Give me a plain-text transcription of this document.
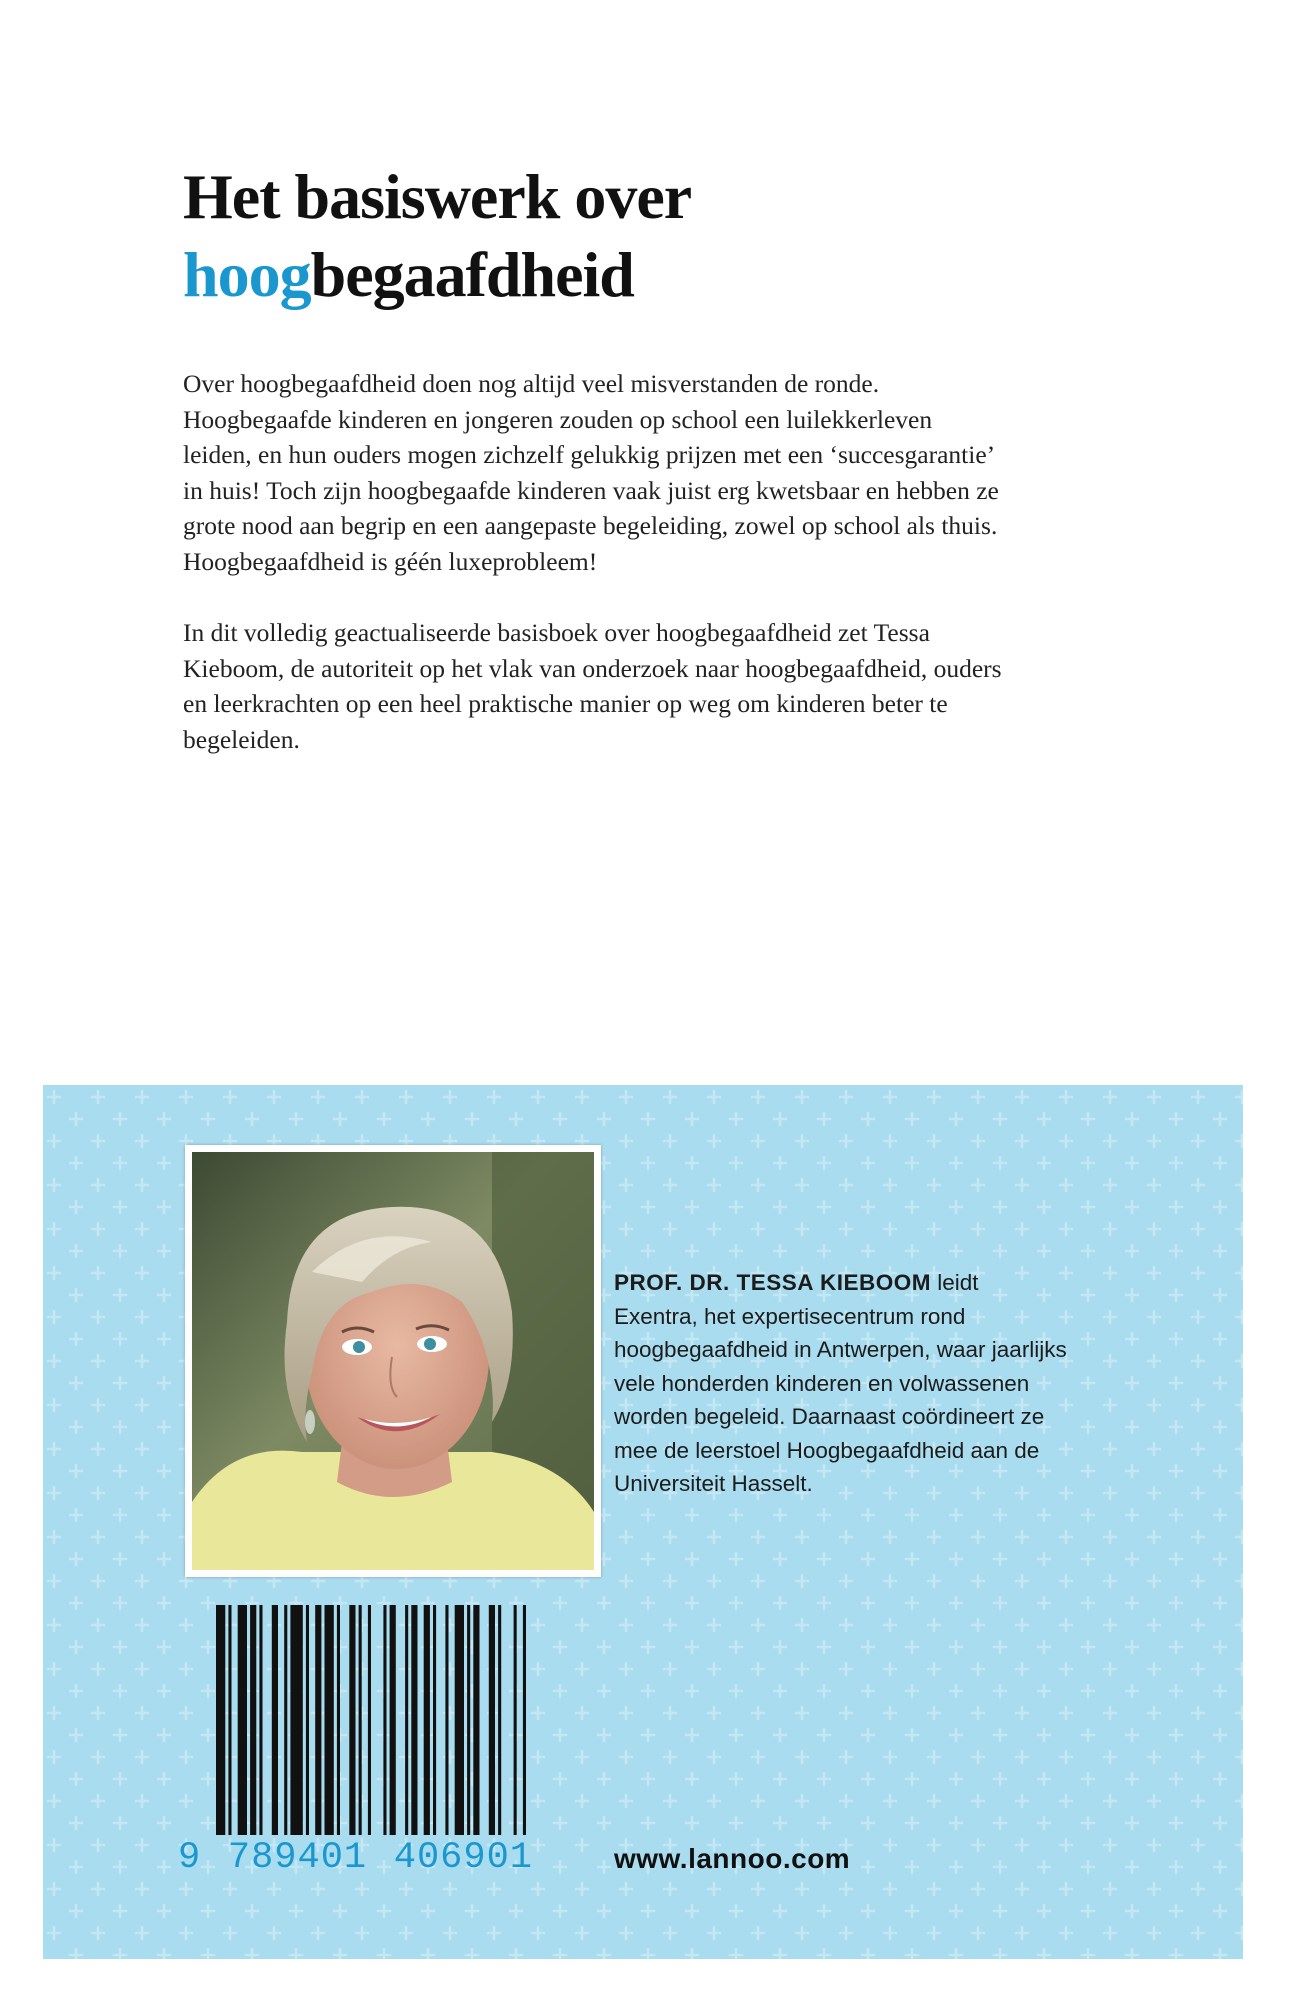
Het basiswerk over
hoogbegaafdheid

Over hoogbegaafdheid doen nog altijd veel misverstanden de ronde.
Hoogbegaafde kinderen en jongeren zouden op school een luilekkerleven
leiden, en hun ouders mogen zichzelf gelukkig prijzen met een ‘succesgarantie’
in huis! Toch zijn hoogbegaafde kinderen vaak juist erg kwetsbaar en hebben ze
grote nood aan begrip en een aangepaste begeleiding, zowel op school als thuis.
Hoogbegaafdheid is géén luxeprobleem!

In dit volledig geactualiseerde basisboek over hoogbegaafdheid zet Tessa
Kieboom, de autoriteit op het vlak van onderzoek naar hoogbegaafdheid, ouders
en leerkrachten op een heel praktische manier op weg om kinderen beter te
begeleiden.

PROF. DR. TESSA KIEBOOM leidt
Exentra, het expertisecentrum rond
hoogbegaafdheid in Antwerpen, waar jaarlijks
vele honderden kinderen en volwassenen
worden begeleid. Daarnaast coördineert ze
mee de leerstoel Hoogbegaafdheid aan de
Universiteit Hasselt.
9 789401 406901	www.lannoo.com
